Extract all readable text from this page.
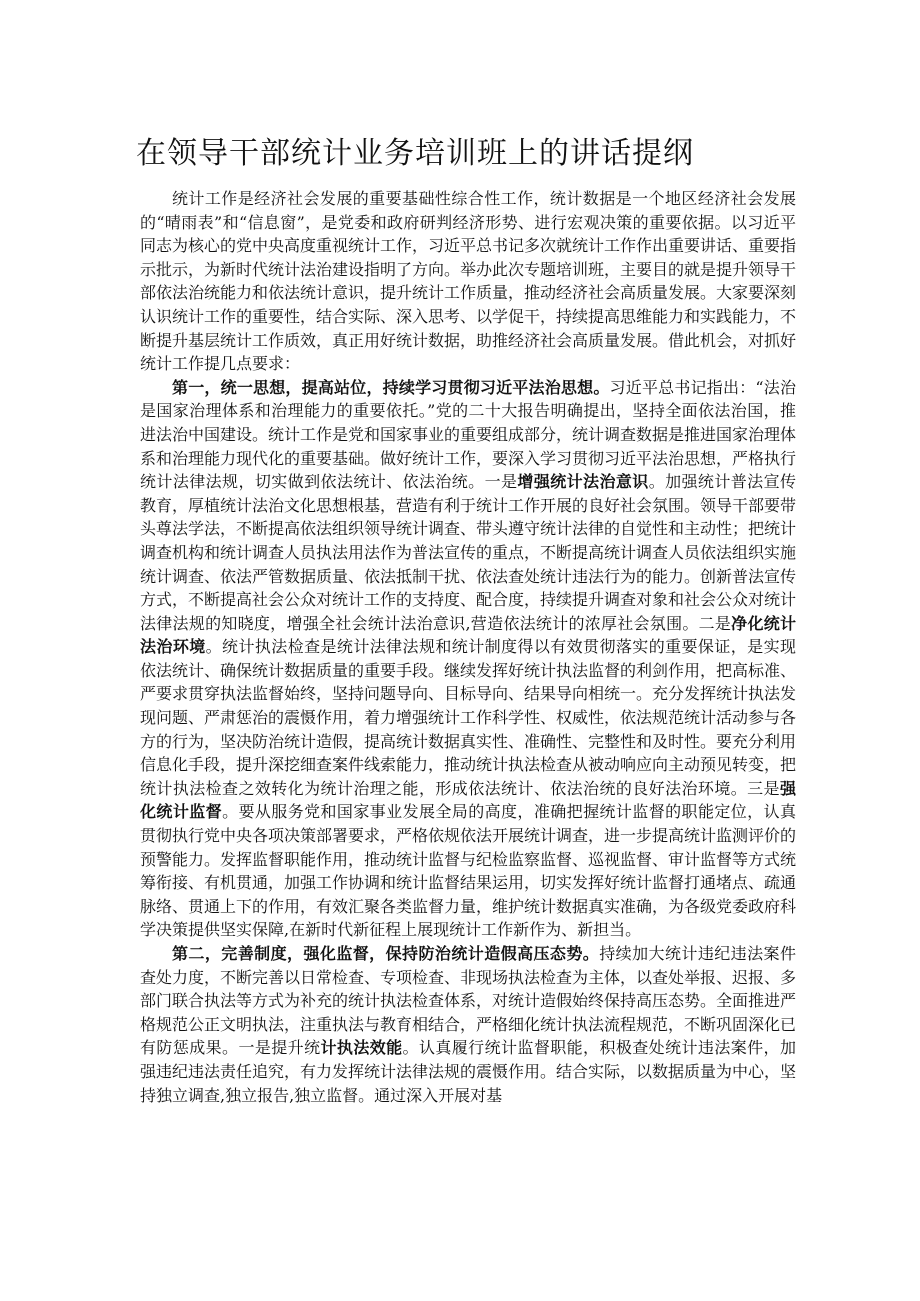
在领导干部统计业务培训班上的讲话提纲

统计工作是经济社会发展的重要基础性综合性工作，统计数据是一个地区经济社会发展的“晴雨表”和“信息窗”，是党委和政府研判经济形势、进行宏观决策的重要依据。以习近平同志为核心的党中央高度重视统计工作，习近平总书记多次就统计工作作出重要讲话、重要指示批示，为新时代统计法治建设指明了方向。举办此次专题培训班，主要目的就是提升领导干部依法治统能力和依法统计意识，提升统计工作质量，推动经济社会高质量发展。大家要深刻认识统计工作的重要性，结合实际、深入思考、以学促干，持续提高思维能力和实践能力，不断提升基层统计工作质效，真正用好统计数据，助推经济社会高质量发展。借此机会，对抓好统计工作提几点要求：

第一，统一思想，提高站位，持续学习贯彻习近平法治思想。习近平总书记指出：“法治是国家治理体系和治理能力的重要依托。”党的二十大报告明确提出，坚持全面依法治国，推进法治中国建设。统计工作是党和国家事业的重要组成部分，统计调查数据是推进国家治理体系和治理能力现代化的重要基础。做好统计工作，要深入学习贯彻习近平法治思想，严格执行统计法律法规，切实做到依法统计、依法治统。一是增强统计法治意识。加强统计普法宣传教育，厚植统计法治文化思想根基，营造有利于统计工作开展的良好社会氛围。领导干部要带头尊法学法，不断提高依法组织领导统计调查、带头遵守统计法律的自觉性和主动性；把统计调查机构和统计调查人员执法用法作为普法宣传的重点，不断提高统计调查人员依法组织实施统计调查、依法严管数据质量、依法抵制干扰、依法查处统计违法行为的能力。创新普法宣传方式，不断提高社会公众对统计工作的支持度、配合度，持续提升调查对象和社会公众对统计法律法规的知晓度，增强全社会统计法治意识,营造依法统计的浓厚社会氛围。二是净化统计法治环境。统计执法检查是统计法律法规和统计制度得以有效贯彻落实的重要保证，是实现依法统计、确保统计数据质量的重要手段。继续发挥好统计执法监督的利剑作用，把高标准、严要求贯穿执法监督始终，坚持问题导向、目标导向、结果导向相统一。充分发挥统计执法发现问题、严肃惩治的震慑作用，着力增强统计工作科学性、权威性，依法规范统计活动参与各方的行为，坚决防治统计造假，提高统计数据真实性、准确性、完整性和及时性。要充分利用信息化手段，提升深挖细查案件线索能力，推动统计执法检查从被动响应向主动预见转变，把统计执法检查之效转化为统计治理之能，形成依法统计、依法治统的良好法治环境。三是强化统计监督。要从服务党和国家事业发展全局的高度，准确把握统计监督的职能定位，认真贯彻执行党中央各项决策部署要求，严格依规依法开展统计调查，进一步提高统计监测评价的预警能力。发挥监督职能作用，推动统计监督与纪检监察监督、巡视监督、审计监督等方式统筹衔接、有机贯通，加强工作协调和统计监督结果运用，切实发挥好统计监督打通堵点、疏通脉络、贯通上下的作用，有效汇聚各类监督力量，维护统计数据真实准确，为各级党委政府科学决策提供坚实保障,在新时代新征程上展现统计工作新作为、新担当。

第二，完善制度，强化监督，保持防治统计造假高压态势。持续加大统计违纪违法案件查处力度，不断完善以日常检查、专项检查、非现场执法检查为主体，以查处举报、迟报、多部门联合执法等方式为补充的统计执法检查体系，对统计造假始终保持高压态势。全面推进严格规范公正文明执法，注重执法与教育相结合，严格细化统计执法流程规范，不断巩固深化已有防惩成果。一是提升统计执法效能。认真履行统计监督职能，积极查处统计违法案件，加强违纪违法责任追究，有力发挥统计法律法规的震慑作用。结合实际，以数据质量为中心，坚持独立调查,独立报告,独立监督。通过深入开展对基
